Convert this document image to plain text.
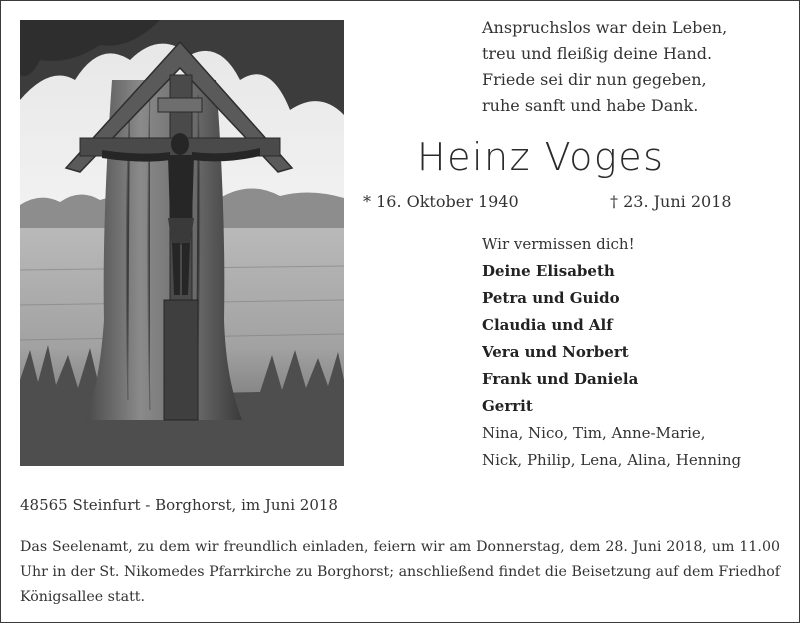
Anspruchslos war dein Leben,
treu und fleißig deine Hand.
Friede sei dir nun gegeben,
ruhe sanft und habe Dank.
Heinz Voges
* 16. Oktober 1940	† 23. Juni 2018
Wir vermissen dich!
Deine Elisabeth
Petra und Guido
Claudia und Alf
Vera und Norbert
Frank und Daniela
Gerrit
Nina, Nico, Tim, Anne-Marie,
Nick, Philip, Lena, Alina, Henning
48565 Steinfurt - Borghorst, im Juni 2018
Das Seelenamt, zu dem wir freundlich einladen, feiern wir am Donnerstag, dem 28. Juni 2018, um 11.00 Uhr in der St. Nikomedes Pfarrkirche zu Borghorst; anschließend findet die Beisetzung auf dem Friedhof Königsallee statt.
